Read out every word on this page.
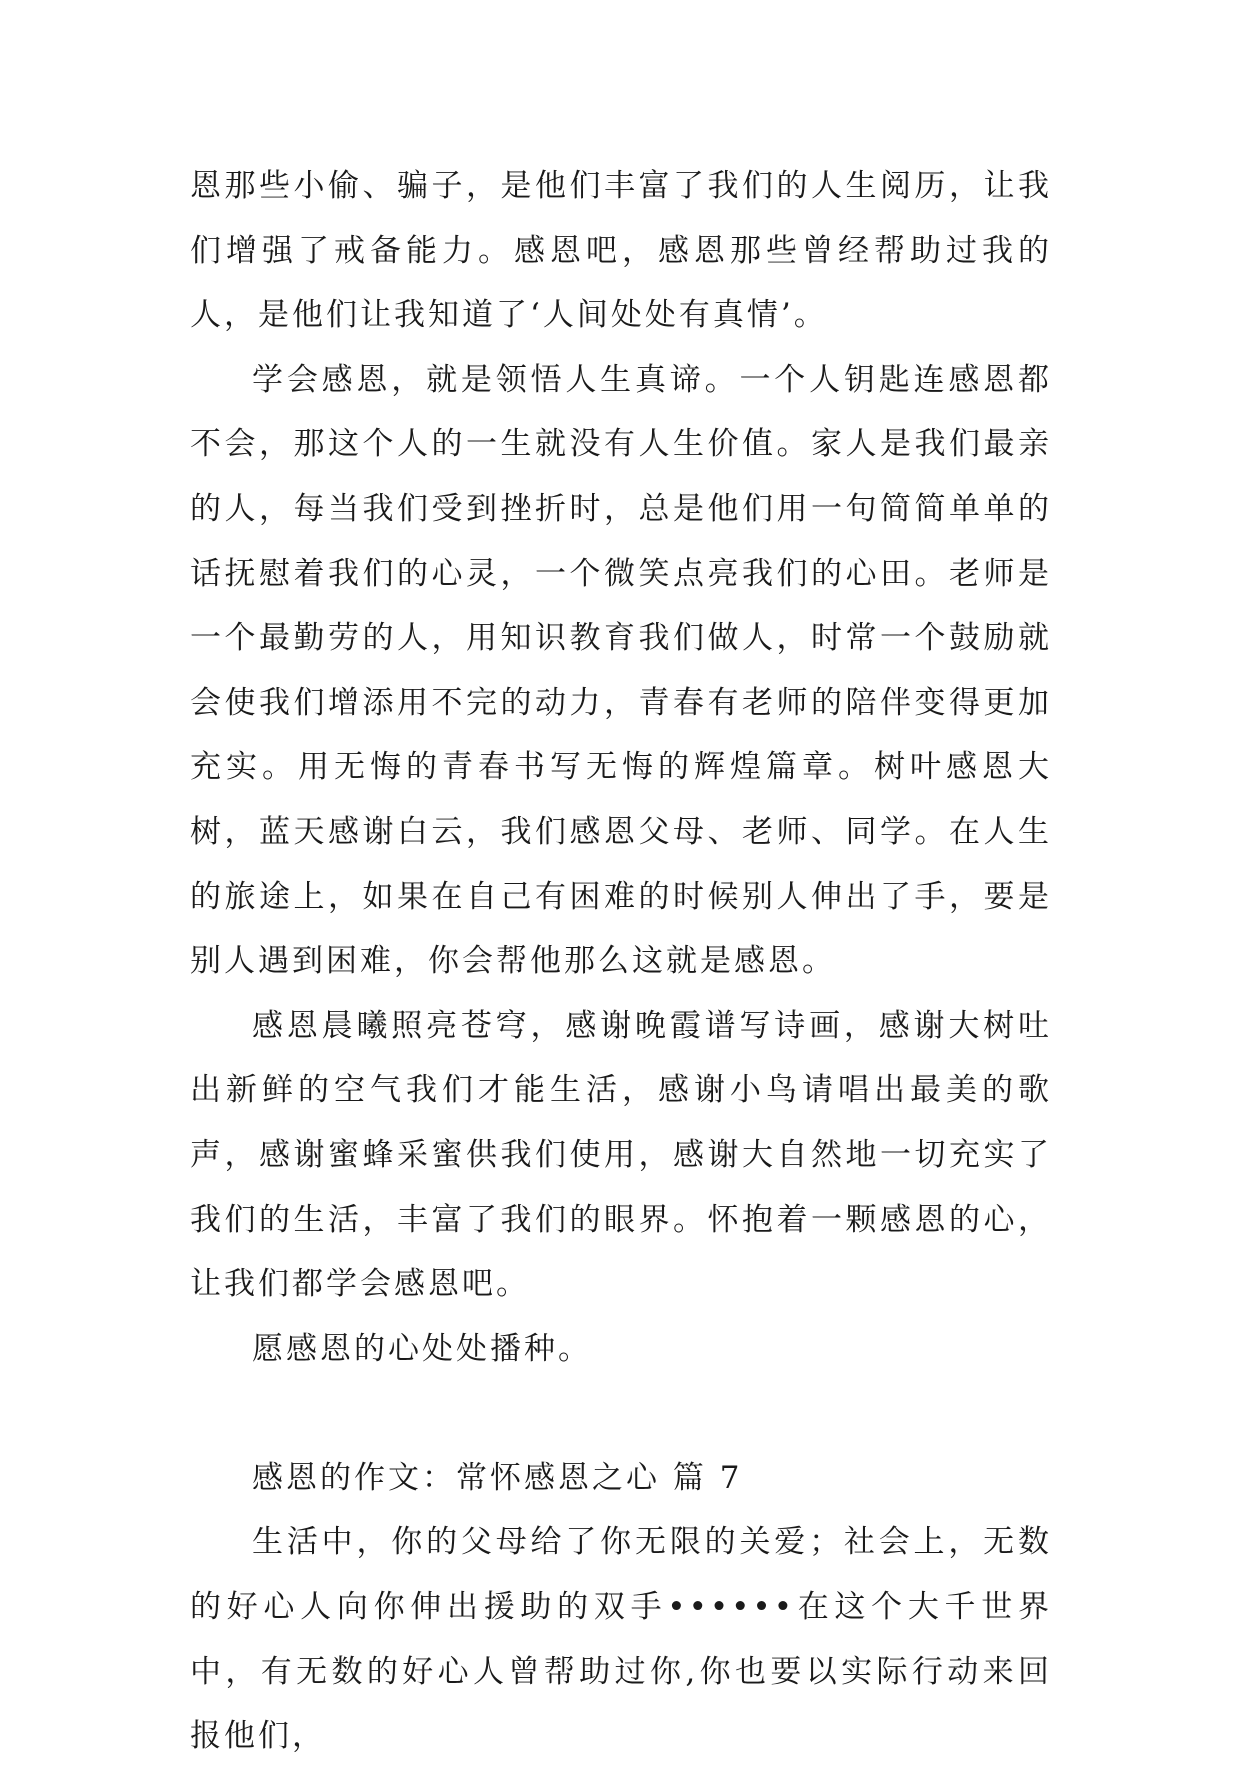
恩那些小偷、骗子，是他们丰富了我们的人生阅历，让我们增强了戒备能力。感恩吧，感恩那些曾经帮助过我的人，是他们让我知道了‘人间处处有真情’。

学会感恩，就是领悟人生真谛。一个人钥匙连感恩都不会，那这个人的一生就没有人生价值。家人是我们最亲的人，每当我们受到挫折时，总是他们用一句简简单单的话抚慰着我们的心灵，一个微笑点亮我们的心田。老师是一个最勤劳的人，用知识教育我们做人，时常一个鼓励就会使我们增添用不完的动力，青春有老师的陪伴变得更加充实。用无悔的青春书写无悔的辉煌篇章。树叶感恩大树，蓝天感谢白云，我们感恩父母、老师、同学。在人生的旅途上，如果在自己有困难的时候别人伸出了手，要是别人遇到困难，你会帮他那么这就是感恩。

感恩晨曦照亮苍穹，感谢晚霞谱写诗画，感谢大树吐出新鲜的空气我们才能生活，感谢小鸟请唱出最美的歌声，感谢蜜蜂采蜜供我们使用，感谢大自然地一切充实了我们的生活，丰富了我们的眼界。怀抱着一颗感恩的心，让我们都学会感恩吧。

愿感恩的心处处播种。

感恩的作文：常怀感恩之心 篇 7

生活中，你的父母给了你无限的关爱；社会上，无数的好心人向你伸出援助的双手••••••在这个大千世界中，有无数的好心人曾帮助过你,你也要以实际行动来回报他们，
